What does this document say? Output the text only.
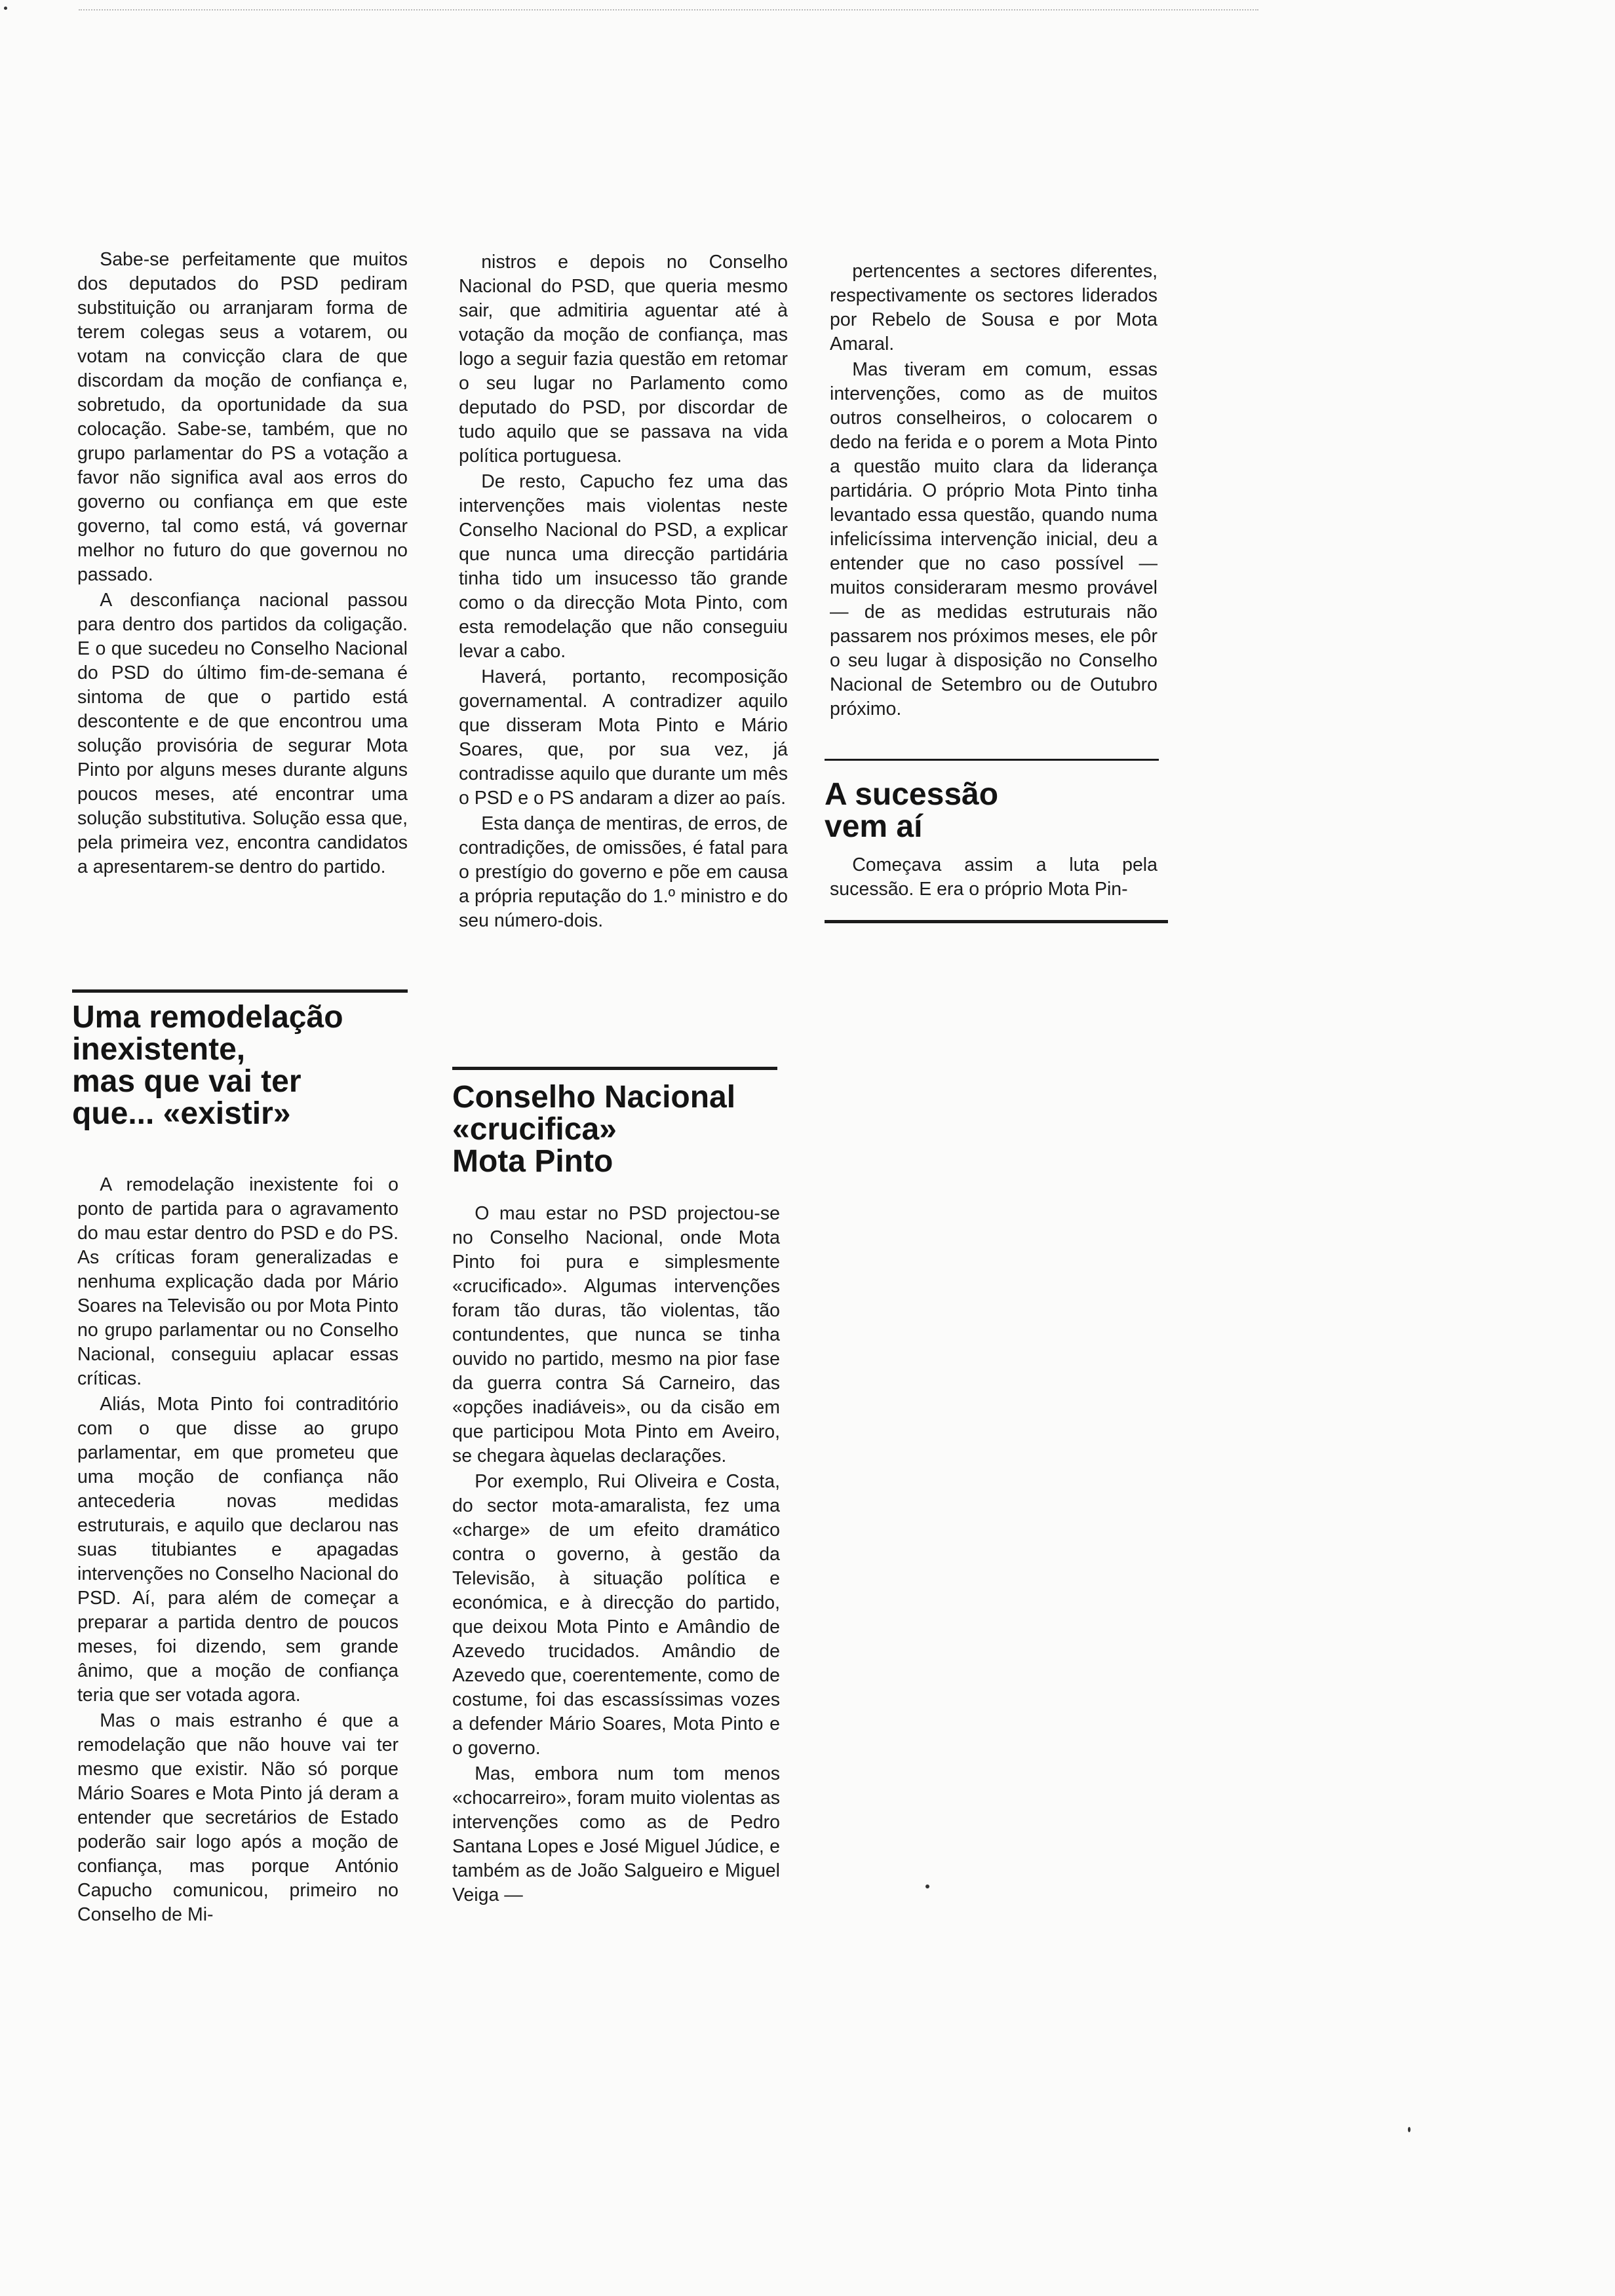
Sabe-se perfeitamente que muitos dos deputados do PSD pediram substituição ou arranjaram forma de terem colegas seus a votarem, ou votam na convicção clara de que discordam da moção de confiança e, sobretudo, da oportunidade da sua colocação. Sabe-se, também, que no grupo parlamentar do PS a votação a favor não significa aval aos erros do governo ou confiança em que este governo, tal como está, vá governar melhor no futuro do que governou no passado.

A desconfiança nacional passou para dentro dos partidos da coligação. E o que sucedeu no Conselho Nacional do PSD do último fim-de-semana é sintoma de que o partido está descontente e de que encontrou uma solução provisória de segurar Mota Pinto por alguns meses durante alguns poucos meses, até encontrar uma solução substitutiva. Solução essa que, pela primeira vez, encontra candidatos a apresentarem-se dentro do partido.

Uma remodelação
inexistente,
mas que vai ter
que... «existir»

A remodelação inexistente foi o ponto de partida para o agravamento do mau estar dentro do PSD e do PS. As críticas foram generalizadas e nenhuma explicação dada por Mário Soares na Televisão ou por Mota Pinto no grupo parlamentar ou no Conselho Nacional, conseguiu aplacar essas críticas.

Aliás, Mota Pinto foi contraditório com o que disse ao grupo parlamentar, em que prometeu que uma moção de confiança não antecederia novas medidas estruturais, e aquilo que declarou nas suas titubiantes e apagadas intervenções no Conselho Nacional do PSD. Aí, para além de começar a preparar a partida dentro de poucos meses, foi dizendo, sem grande ânimo, que a moção de confiança teria que ser votada agora.

Mas o mais estranho é que a remodelação que não houve vai ter mesmo que existir. Não só porque Mário Soares e Mota Pinto já deram a entender que secretários de Estado poderão sair logo após a moção de confiança, mas porque António Capucho comunicou, primeiro no Conselho de Mi-

nistros e depois no Conselho Nacional do PSD, que queria mesmo sair, que admitiria aguentar até à votação da moção de confiança, mas logo a seguir fazia questão em retomar o seu lugar no Parlamento como deputado do PSD, por discordar de tudo aquilo que se passava na vida política portuguesa.

De resto, Capucho fez uma das intervenções mais violentas neste Conselho Nacional do PSD, a explicar que nunca uma direcção partidária tinha tido um insucesso tão grande como o da direcção Mota Pinto, com esta remodelação que não conseguiu levar a cabo.

Haverá, portanto, recomposição governamental. A contradizer aquilo que disseram Mota Pinto e Mário Soares, que, por sua vez, já contradisse aquilo que durante um mês o PSD e o PS andaram a dizer ao país.

Esta dança de mentiras, de erros, de contradições, de omissões, é fatal para o prestígio do governo e põe em causa a própria reputação do 1.º ministro e do seu número-dois.

Conselho Nacional
«crucifica»
Mota Pinto

O mau estar no PSD projectou-se no Conselho Nacional, onde Mota Pinto foi pura e simplesmente «crucificado». Algumas intervenções foram tão duras, tão violentas, tão contundentes, que nunca se tinha ouvido no partido, mesmo na pior fase da guerra contra Sá Carneiro, das «opções inadiáveis», ou da cisão em que participou Mota Pinto em Aveiro, se chegara àquelas declarações.

Por exemplo, Rui Oliveira e Costa, do sector mota-amaralista, fez uma «charge» de um efeito dramático contra o governo, à gestão da Televisão, à situação política e económica, e à direcção do partido, que deixou Mota Pinto e Amândio de Azevedo trucidados. Amândio de Azevedo que, coerentemente, como de costume, foi das escassíssimas vozes a defender Mário Soares, Mota Pinto e o governo.

Mas, embora num tom menos «chocarreiro», foram muito violentas as intervenções como as de Pedro Santana Lopes e José Miguel Júdice, e também as de João Salgueiro e Miguel Veiga —

pertencentes a sectores diferentes, respectivamente os sectores liderados por Rebelo de Sousa e por Mota Amaral.

Mas tiveram em comum, essas intervenções, como as de muitos outros conselheiros, o colocarem o dedo na ferida e o porem a Mota Pinto a questão muito clara da liderança partidária. O próprio Mota Pinto tinha levantado essa questão, quando numa infelicíssima intervenção inicial, deu a entender que no caso possível — muitos consideraram mesmo provável — de as medidas estruturais não passarem nos próximos meses, ele pôr o seu lugar à disposição no Conselho Nacional de Setembro ou de Outubro próximo.

A sucessão
vem aí

Começava assim a luta pela sucessão. E era o próprio Mota Pin-
